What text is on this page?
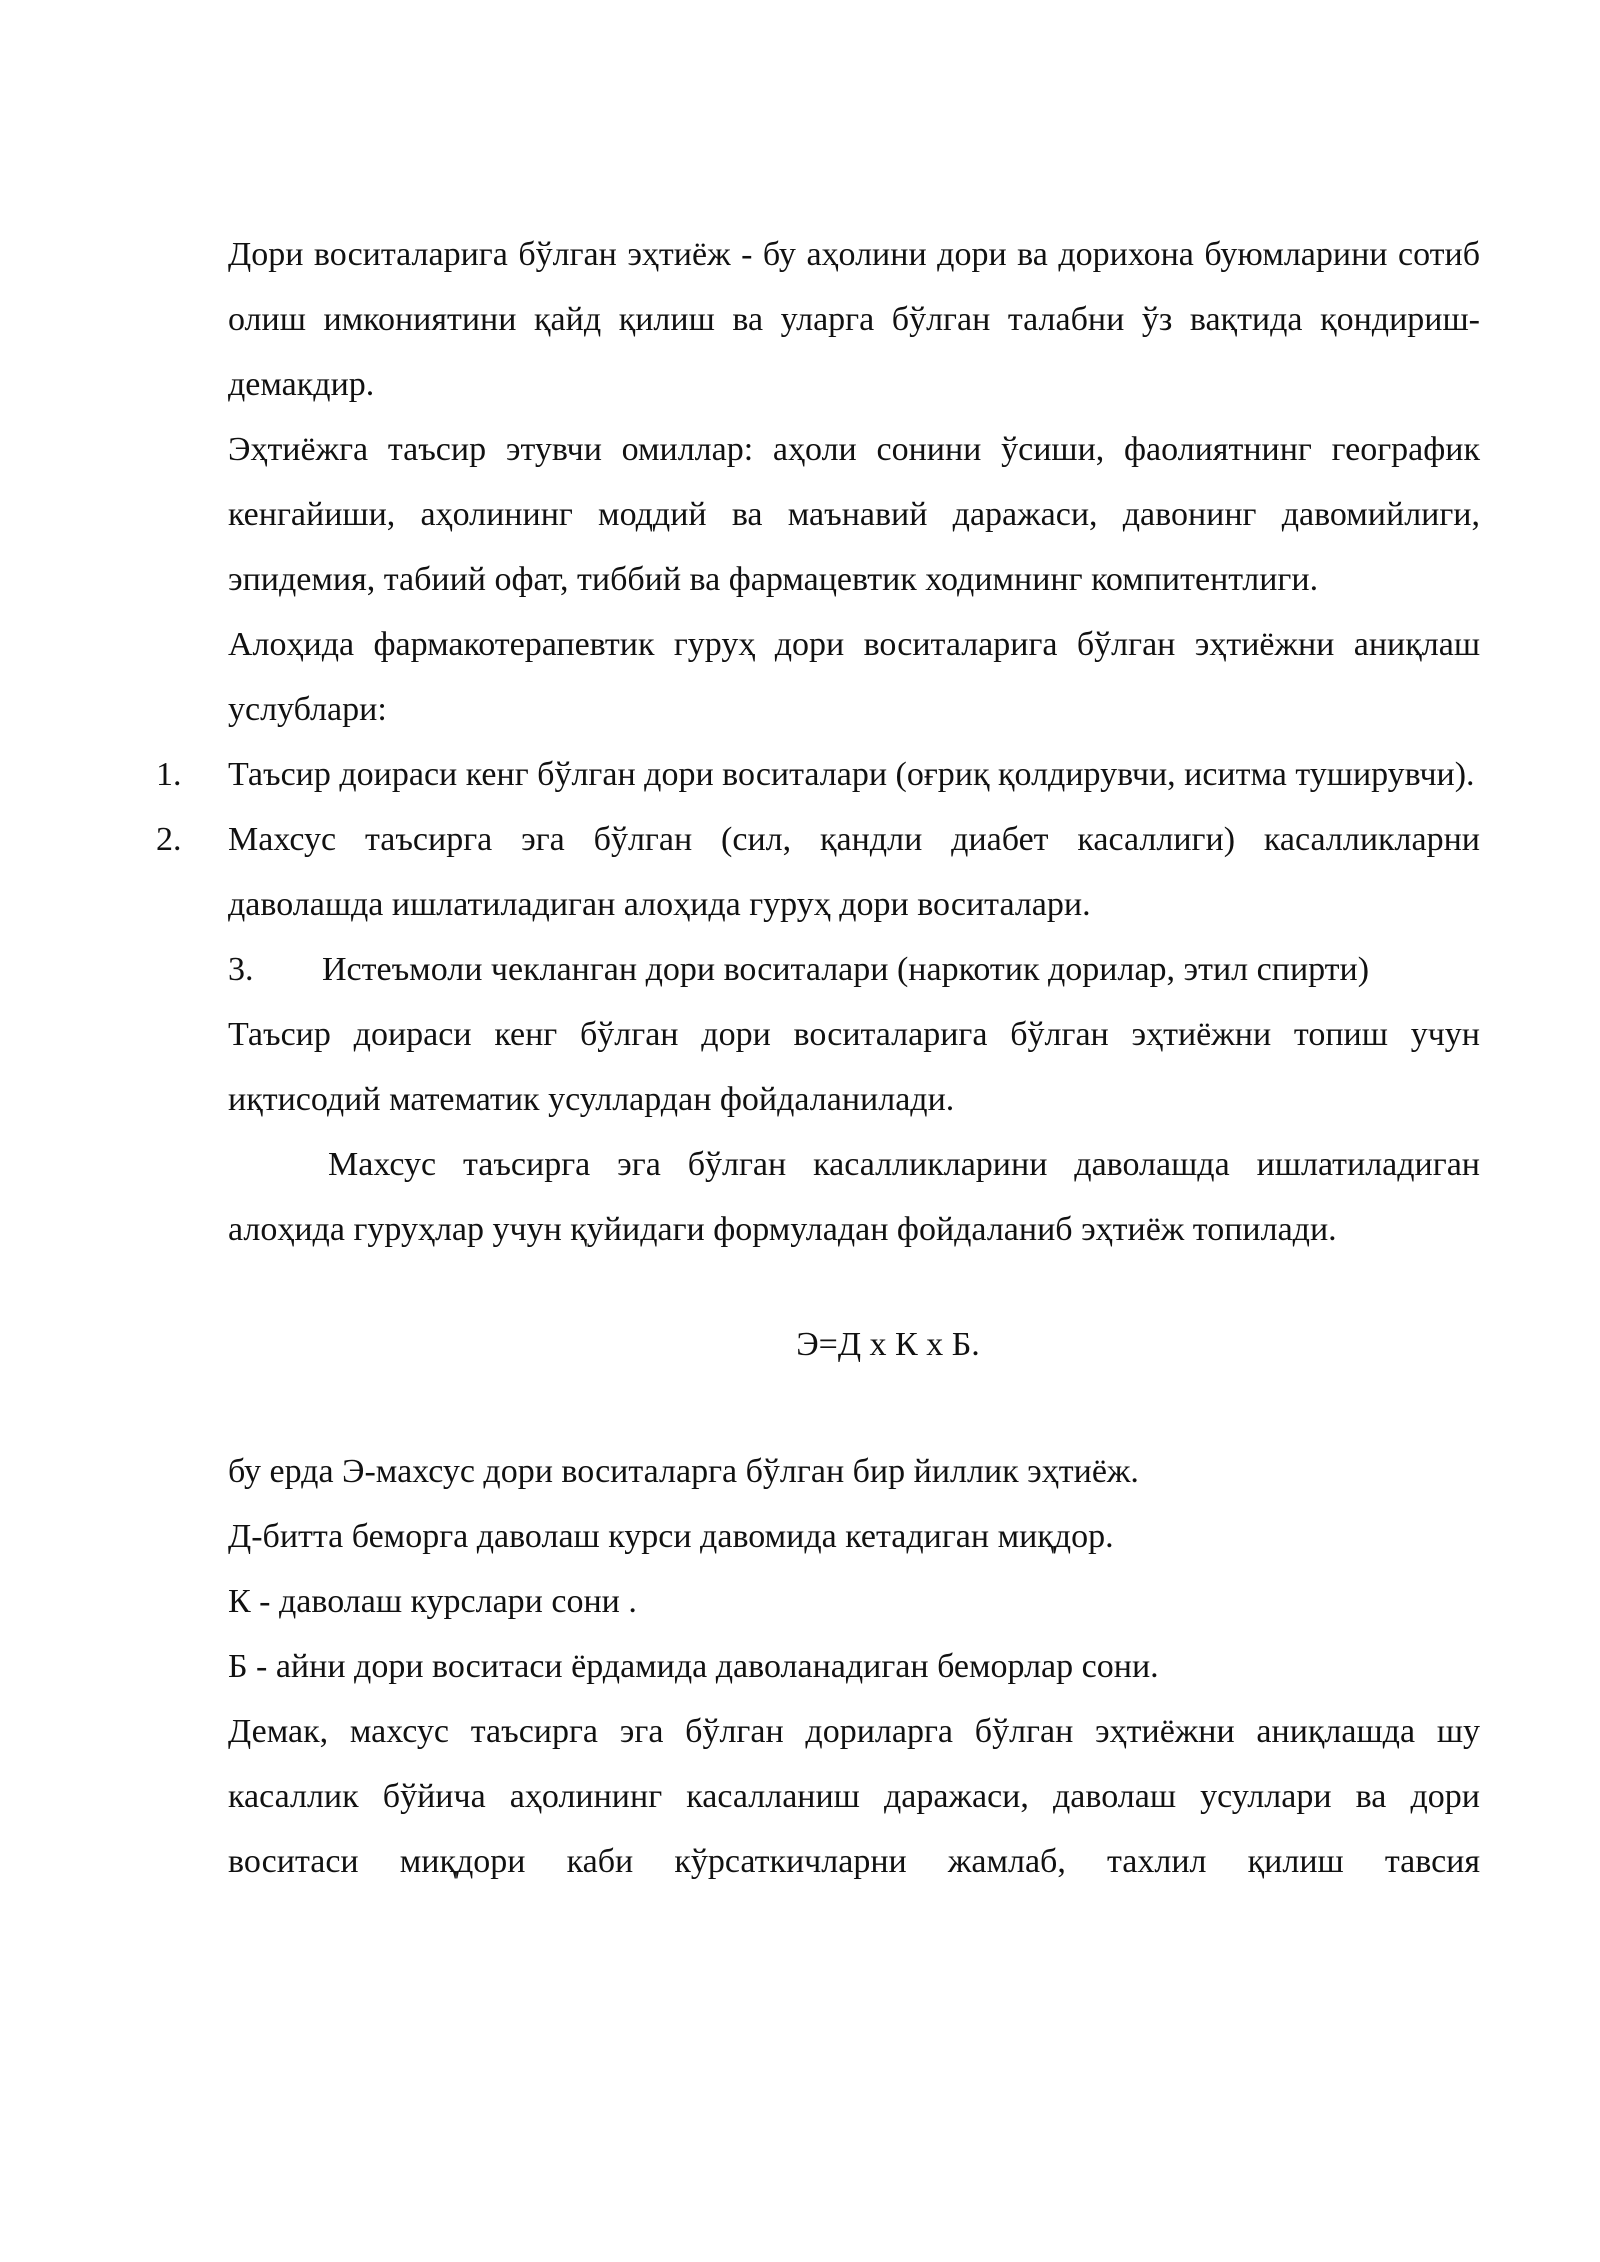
Дори воситаларига бўлган эҳтиёж - бу аҳолини дори ва дорихона буюмларини сотиб олиш имкониятини қайд қилиш ва уларга бўлган талабни ўз вақтида қондириш-демакдир.

Эҳтиёжга таъсир этувчи омиллар: аҳоли сонини ўсиши, фаолиятнинг географик кенгайиши, аҳолининг моддий ва маънавий даражаси, давонинг давомийлиги, эпидемия, табиий офат, тиббий ва фармацевтик ходимнинг компитентлиги.

Алоҳида фармакотерапевтик гуруҳ дори воситаларига бўлган эҳтиёжни аниқлаш услублари:

1. Таъсир доираси кенг бўлган дори воситалари (оғриқ қолдирувчи, иситма туширувчи).
2. Махсус таъсирга эга бўлган (сил, қандли диабет касаллиги) касалликларни даволашда ишлатиладиган алоҳида гуруҳ дори воситалари.
3. Истеъмоли чекланган дори воситалари (наркотик дорилар, этил спирти)

Таъсир доираси кенг бўлган дори воситаларига бўлган эҳтиёжни топиш учун иқтисодий математик усуллардан фойдаланилади.

Махсус таъсирга эга бўлган касалликларини даволашда ишлатиладиган алоҳида гуруҳлар учун қуйидаги формуладан фойдаланиб эҳтиёж топилади.

Э=Д х К х Б.

бу ерда Э-махсус дори воситаларга бўлган бир йиллик эҳтиёж.

Д-битта беморга даволаш курси давомида кетадиган миқдор.

К - даволаш курслари сони .

Б - айни дори воситаси ёрдамида даволанадиган беморлар сони.

Демак, махсус таъсирга эга бўлган дориларга бўлган эҳтиёжни аниқлашда шу касаллик бўйича аҳолининг касалланиш даражаси, даволаш усуллари ва дори воситаси миқдори каби кўрсаткичларни жамлаб, тахлил қилиш тавсия
